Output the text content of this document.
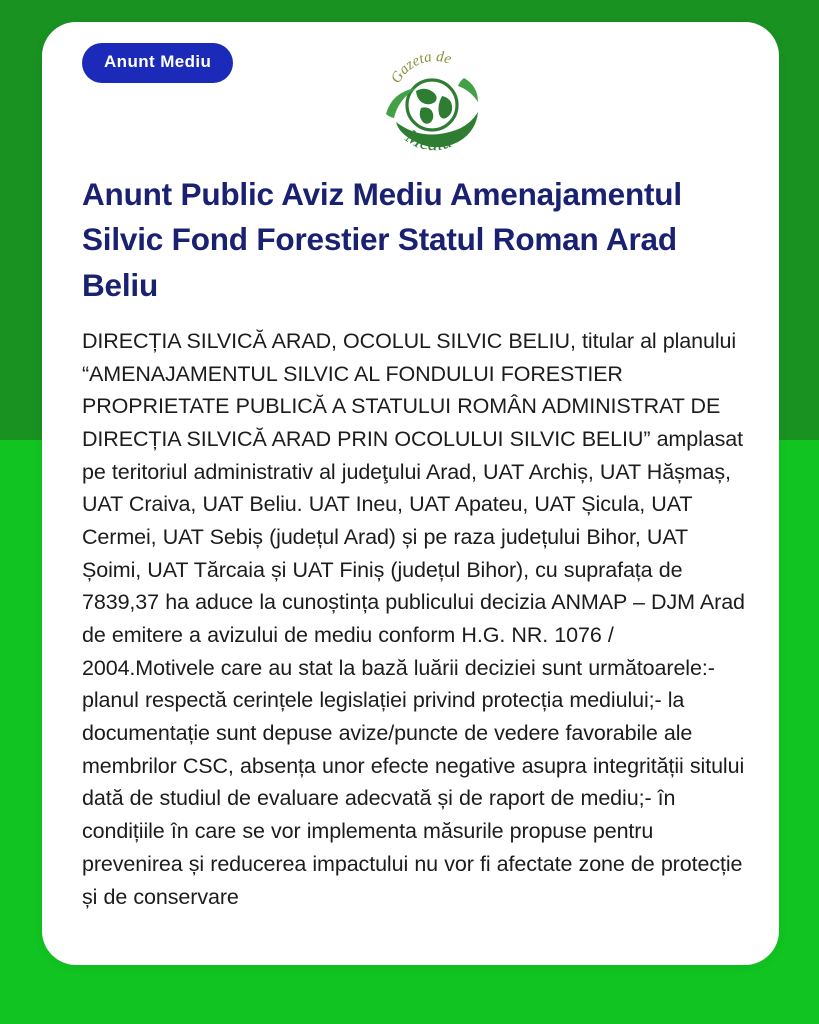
Anunt Mediu
Gazeta de
Mediu
Anunt Public Aviz Mediu Amenajamentul Silvic Fond Forestier Statul Roman Arad Beliu

DIRECȚIA SILVICĂ ARAD, OCOLUL SILVIC BELIU, titular al planului “AMENAJAMENTUL SILVIC AL FONDULUI FORESTIER PROPRIETATE PUBLICĂ A STATULUI ROMÂN ADMINISTRAT DE DIRECȚIA SILVICĂ ARAD PRIN OCOLULUI SILVIC BELIU” amplasat pe teritoriul administrativ al judeţului Arad, UAT Archiș, UAT Hășmaș, UAT Craiva, UAT Beliu. UAT Ineu, UAT Apateu, UAT Șicula, UAT Cermei, UAT Sebiș (județul Arad) și pe raza județului Bihor, UAT Șoimi, UAT Tărcaia și UAT Finiș (județul Bihor), cu suprafața de 7839,37 ha aduce la cunoștința publicului decizia ANMAP – DJM Arad de emitere a avizului de mediu conform H.G. NR. 1076 / 2004.Motivele care au stat la bază luării deciziei sunt următoarele:- planul respectă cerințele legislației privind protecția mediului;- la documentație sunt depuse avize/puncte de vedere favorabile ale membrilor CSC, absența unor efecte negative asupra integrității sitului dată de studiul de evaluare adecvată și de raport de mediu;- în condițiile în care se vor implementa măsurile propuse pentru prevenirea și reducerea impactului nu vor fi afectate zone de protecție și de conservare
